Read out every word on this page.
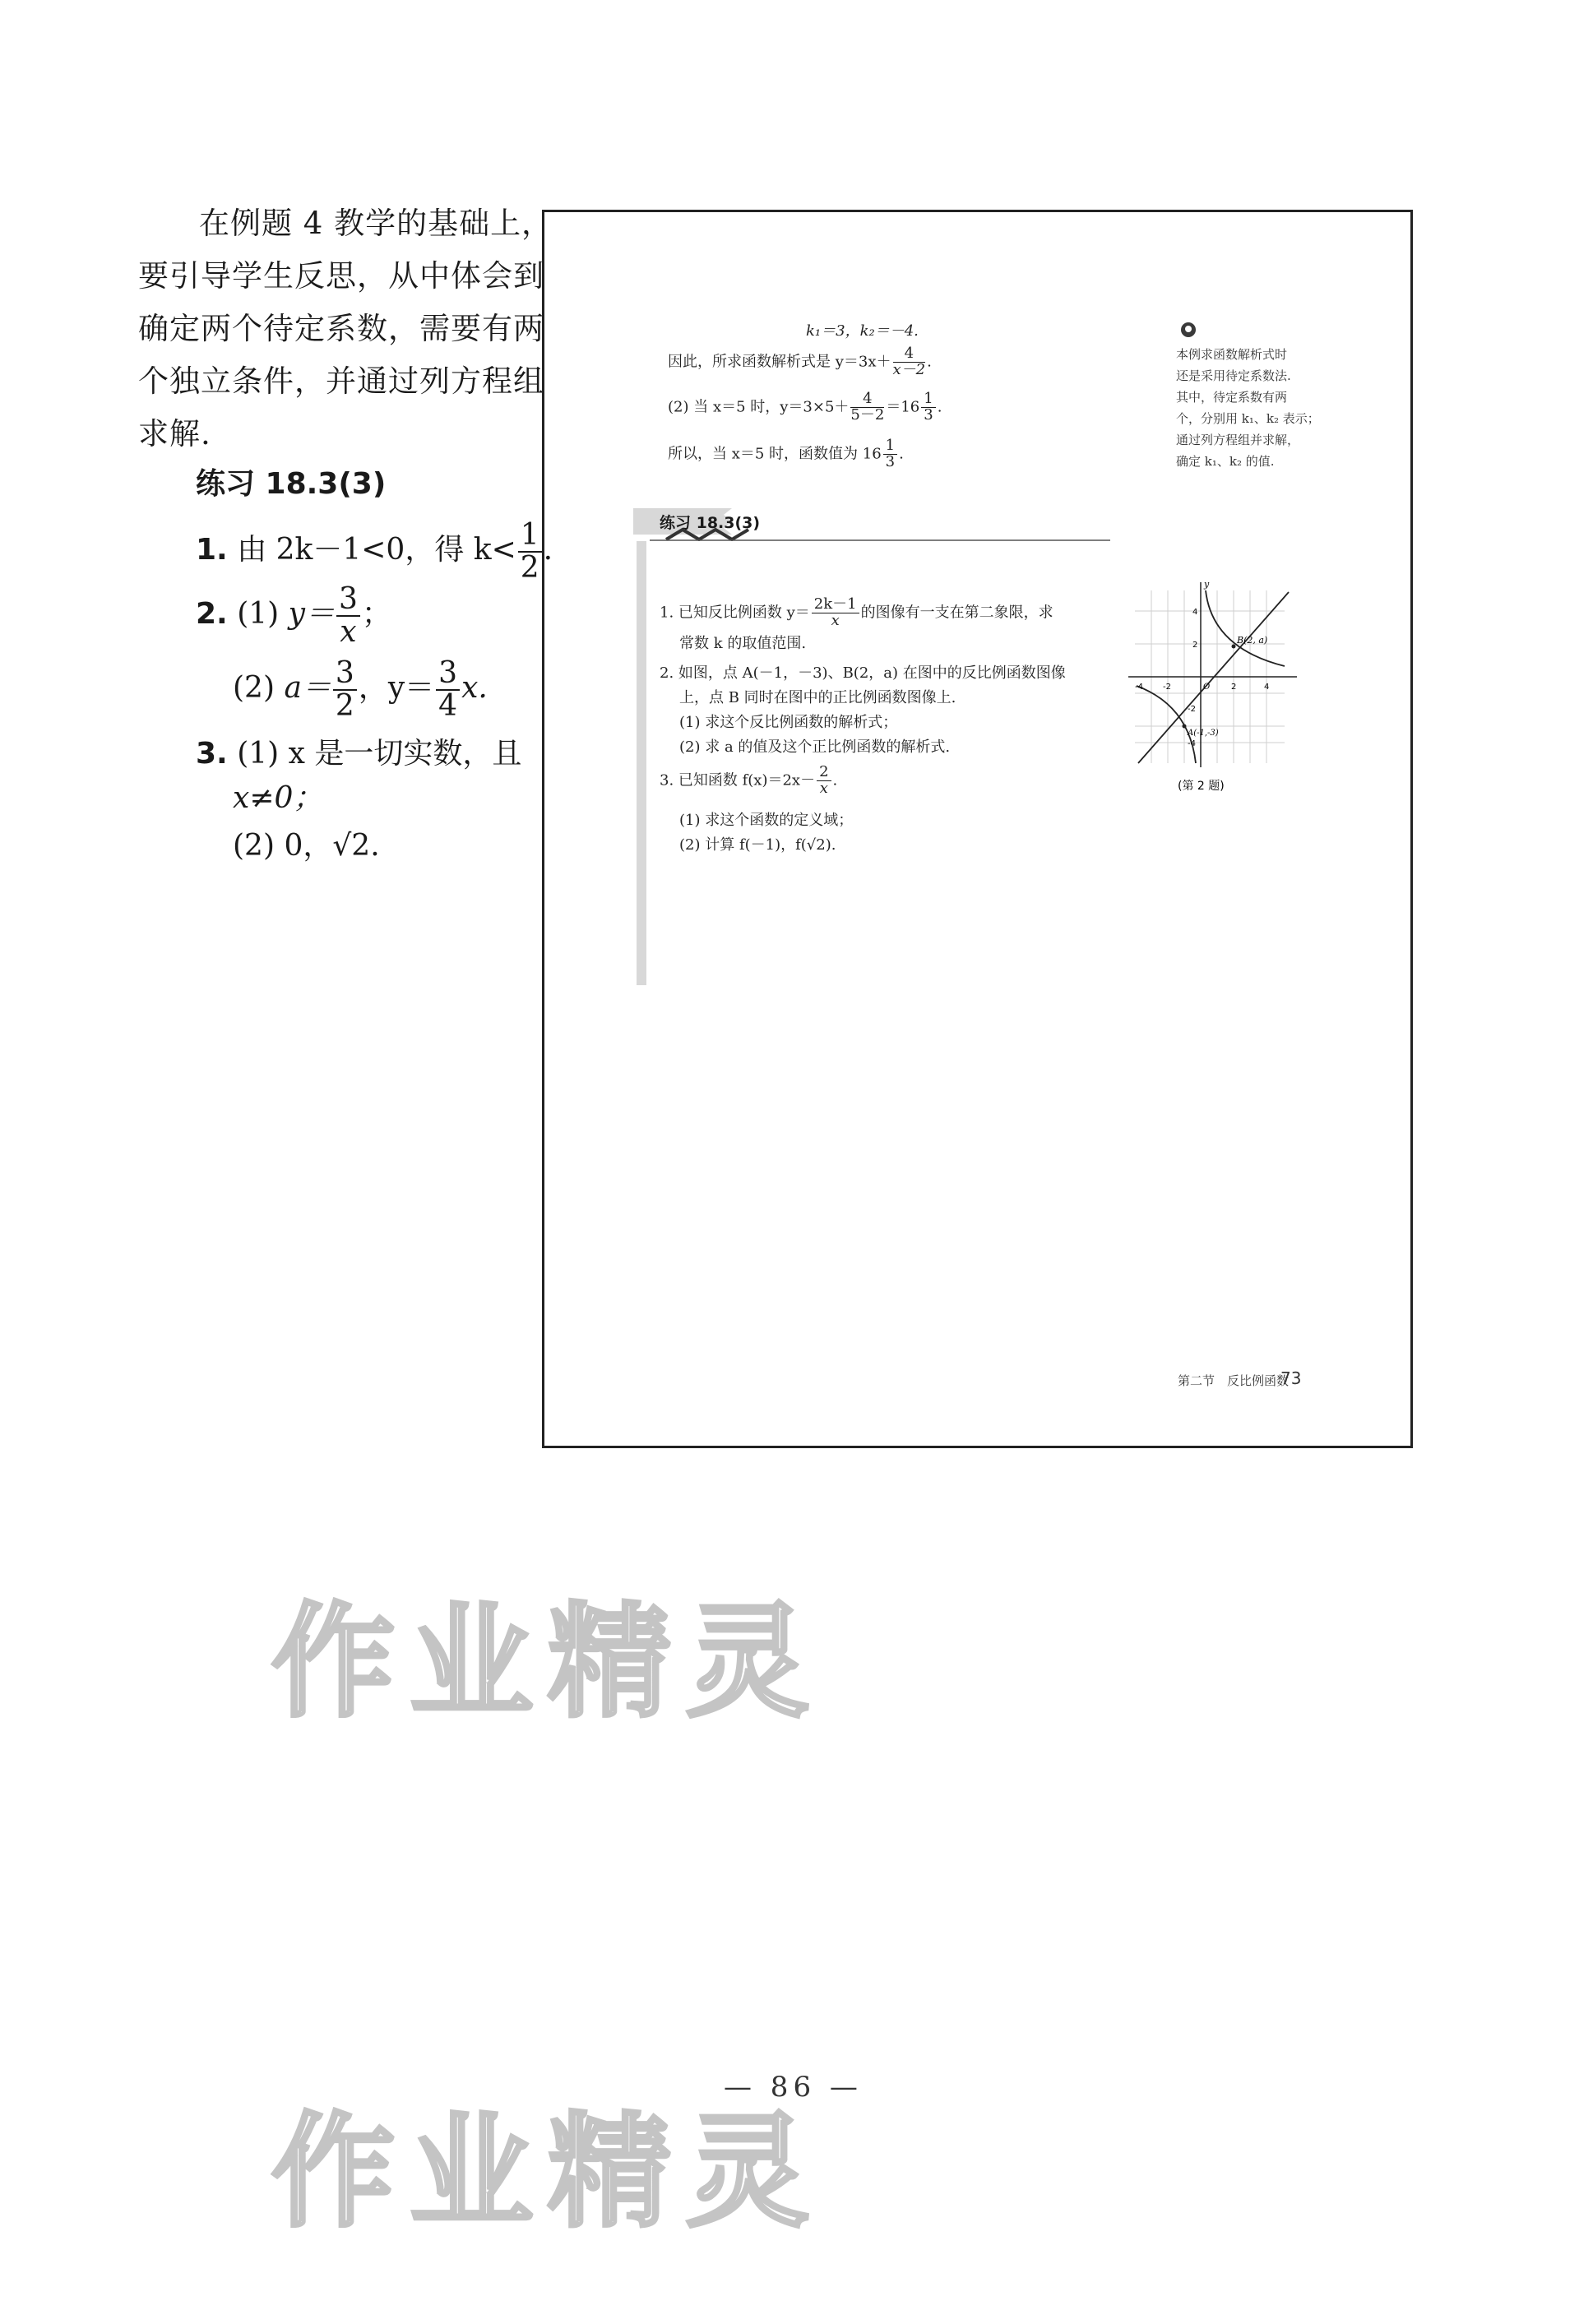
在例题 4 教学的基础上，
要引导学生反思，从中体会到
确定两个待定系数，需要有两
个独立条件，并通过列方程组
求解.
练习 18.3(3)
1. 由 2k－1<0，得 $k< \frac{1}{2}$ .
2. (1) $y= \frac{3}{x}$ ；
(2) $a= \frac{3}{2}$ ，$y= \frac{3}{4} x$.
3. (1) x 是一切实数，且
x≠0；
(2) 0，√2.
k₁＝3，k₂＝－4.
因此，所求函数解析式是 $y=3x+ \frac{4}{x-2}$ .
(2) 当 x＝5 时，$y=3\times 5+ \frac{4}{5-2} =16 \frac{1}{3}$ .
所以，当 x＝5 时，函数值为 $16 \frac{1}{3}$ .
本例求函数解析式时
还是采用待定系数法.
其中，待定系数有两
个，分别用 k₁、k₂ 表示；
通过列方程组并求解，
确定 k₁、k₂ 的值.
练习 18.3(3)
1. 已知反比例函数 $y= \frac{2k-1}{x}$ 的图像有一支在第二象限，求
常数 k 的取值范围.
2. 如图，点 A(－1，－3)、B(2，a) 在图中的反比例函数图像
上，点 B 同时在图中的正比例函数图像上.
(1) 求这个反比例函数的解析式；
(2) 求 a 的值及这个正比例函数的解析式.
3. 已知函数 $f(x)=2x- \frac{2}{x}$ .
(1) 求这个函数的定义域；
(2) 计算 f(－1)，f(√2).
y
B(2, a)
A(-1,-3)
-4 -2	O	2	4
4
2
-2
-4
(第 2 题)
第二节　反比例函数
73
作业精灵
作业精灵
— 86 —
